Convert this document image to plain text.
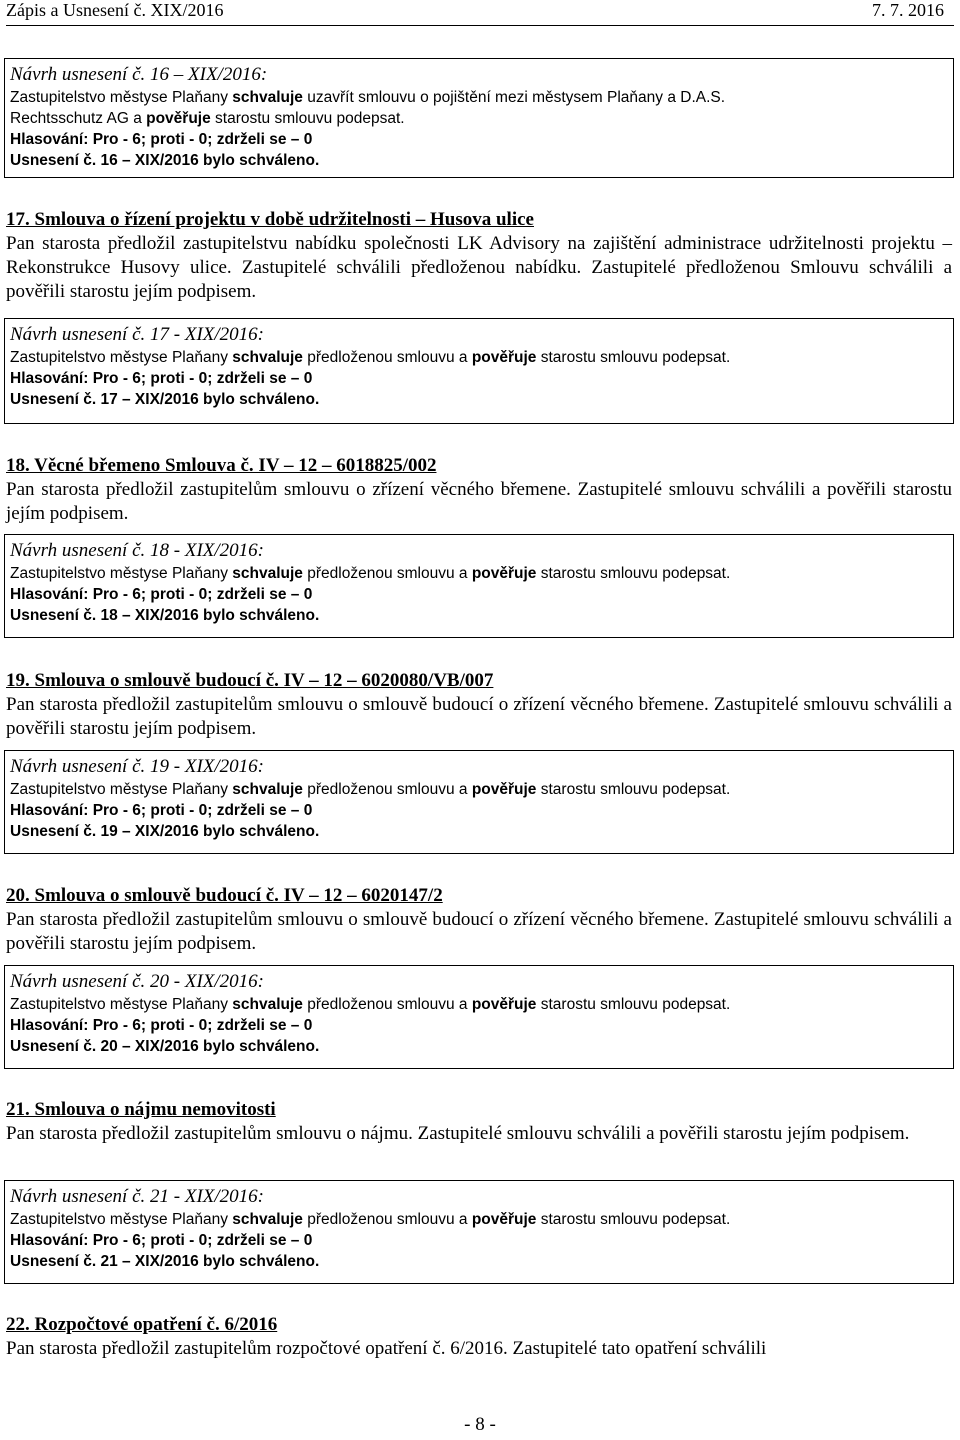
Zápis a Usnesení č. XIX/2016	7. 7. 2016
Návrh usnesení č. 16 – XIX/2016:
Zastupitelstvo městyse Plaňany schvaluje uzavřít smlouvu o pojištění mezi městysem Plaňany a D.A.S.
Rechtsschutz AG a pověřuje starostu smlouvu podepsat.
Hlasování: Pro - 6; proti - 0; zdrželi se – 0
Usnesení č. 16 – XIX/2016 bylo schváleno.
17. Smlouva o řízení projektu v době udržitelnosti – Husova ulice
Pan starosta předložil zastupitelstvu nabídku společnosti LK Advisory na zajištění administrace udržitelnosti projektu – Rekonstrukce Husovy ulice. Zastupitelé schválili předloženou nabídku. Zastupitelé předloženou Smlouvu schválili a pověřili starostu jejím podpisem.
Návrh usnesení č. 17 - XIX/2016:
Zastupitelstvo městyse Plaňany schvaluje předloženou smlouvu a pověřuje starostu smlouvu podepsat.
Hlasování: Pro - 6; proti - 0; zdrželi se – 0
Usnesení č. 17 – XIX/2016 bylo schváleno.
18. Věcné břemeno Smlouva č. IV – 12 – 6018825/002
Pan starosta předložil zastupitelům smlouvu o zřízení věcného břemene. Zastupitelé smlouvu schválili a pověřili starostu jejím podpisem.
Návrh usnesení č. 18 - XIX/2016:
Zastupitelstvo městyse Plaňany schvaluje předloženou smlouvu a pověřuje starostu smlouvu podepsat.
Hlasování: Pro - 6; proti - 0; zdrželi se – 0
Usnesení č. 18 – XIX/2016 bylo schváleno.
19. Smlouva o smlouvě budoucí č. IV – 12 – 6020080/VB/007
Pan starosta předložil zastupitelům smlouvu o smlouvě budoucí o zřízení věcného břemene. Zastupitelé smlouvu schválili a pověřili starostu jejím podpisem.
Návrh usnesení č. 19 - XIX/2016:
Zastupitelstvo městyse Plaňany schvaluje předloženou smlouvu a pověřuje starostu smlouvu podepsat.
Hlasování: Pro - 6; proti - 0; zdrželi se – 0
Usnesení č. 19 – XIX/2016 bylo schváleno.
20. Smlouva o smlouvě budoucí č. IV – 12 – 6020147/2
Pan starosta předložil zastupitelům smlouvu o smlouvě budoucí o zřízení věcného břemene. Zastupitelé smlouvu schválili a pověřili starostu jejím podpisem.
Návrh usnesení č. 20 - XIX/2016:
Zastupitelstvo městyse Plaňany schvaluje předloženou smlouvu a pověřuje starostu smlouvu podepsat.
Hlasování: Pro - 6; proti - 0; zdrželi se – 0
Usnesení č. 20 – XIX/2016 bylo schváleno.
21. Smlouva o nájmu nemovitosti
Pan starosta předložil zastupitelům smlouvu o nájmu. Zastupitelé smlouvu schválili a pověřili starostu jejím podpisem.
Návrh usnesení č. 21 - XIX/2016:
Zastupitelstvo městyse Plaňany schvaluje předloženou smlouvu a pověřuje starostu smlouvu podepsat.
Hlasování: Pro - 6; proti - 0; zdrželi se – 0
Usnesení č. 21 – XIX/2016 bylo schváleno.
22. Rozpočtové opatření č. 6/2016
Pan starosta předložil zastupitelům rozpočtové opatření č. 6/2016. Zastupitelé tato opatření schválili
- 8 -
